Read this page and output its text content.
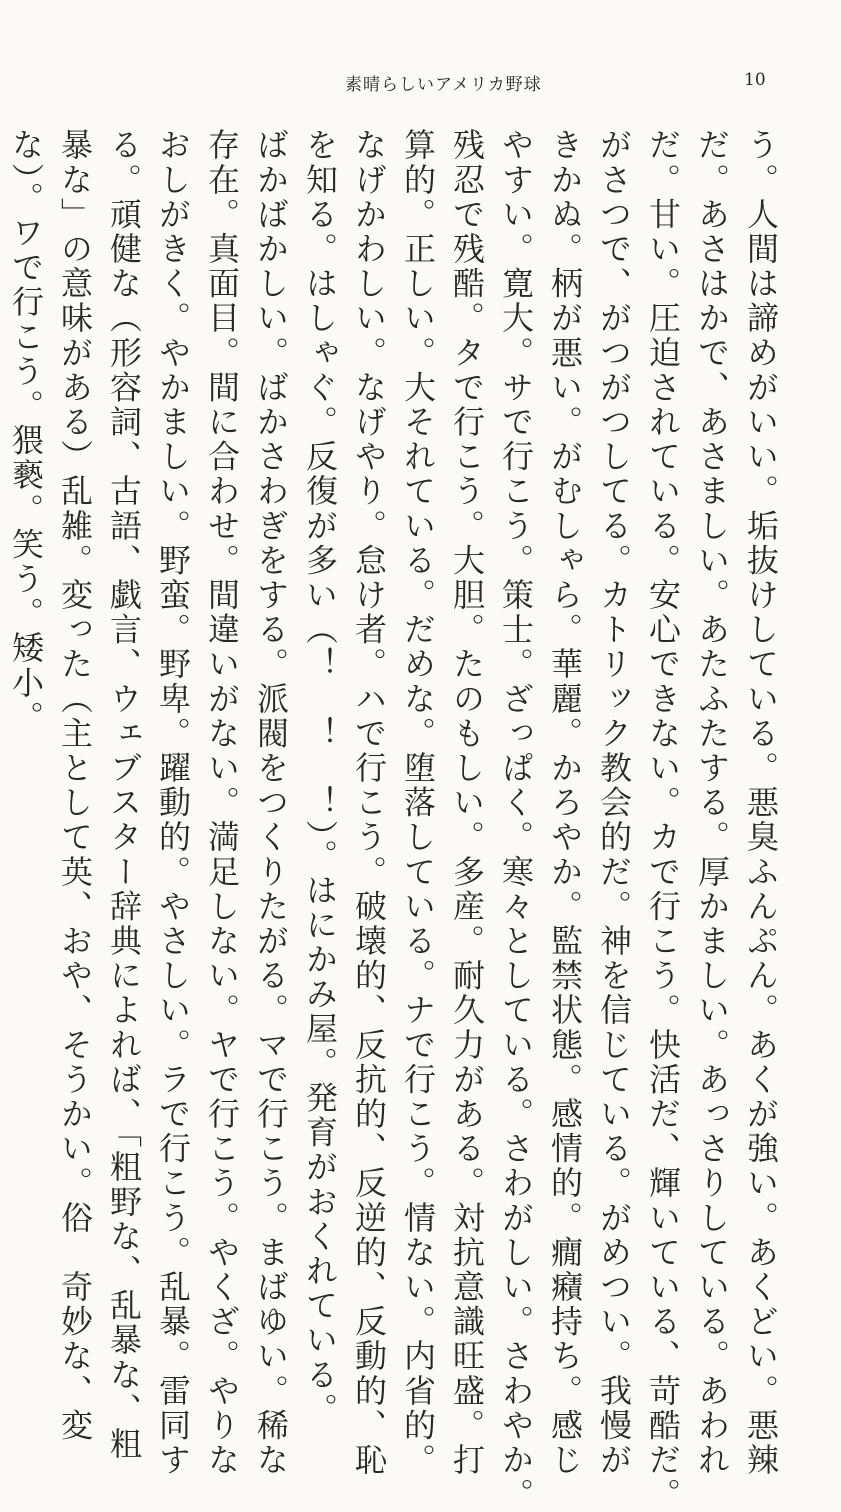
素晴らしいアメリカ野球	10
う。人間は諦めがいい。垢抜けしている。悪臭ふんぷん。あくが強い。あくどい。悪辣
だ。あさはかで、あさましい。あたふたする。厚かましい。あっさりしている。あわれ
だ。甘い。圧迫されている。安心できない。カで行こう。快活だ、輝いている、苛酷だ。
がさつで、がつがつしてる。カトリック教会的だ。神を信じている。がめつい。我慢が
きかぬ。柄が悪い。がむしゃら。華麗。かろやか。監禁状態。感情的。癇癪持ち。感じ
やすい。寛大。サで行こう。策士。ざっぱく。寒々としている。さわがしい。さわやか。
残忍で残酷。タで行こう。大胆。たのもしい。多産。耐久力がある。対抗意識旺盛。打
算的。正しい。大それている。だめな。堕落している。ナで行こう。情ない。内省的。
なげかわしい。なげやり。怠け者。ハで行こう。破壊的、反抗的、反逆的、反動的、恥
を知る。はしゃぐ。反復が多い（！　！　！）。はにかみ屋。発育がおくれている。
ばかばかしい。ばかさわぎをする。派閥をつくりたがる。マで行こう。まばゆい。稀な
存在。真面目。間に合わせ。間違いがない。満足しない。ヤで行こう。やくざ。やりな
おしがきく。やかましい。野蛮。野卑。躍動的。やさしい。ラで行こう。乱暴。雷同す
る。頑健な（形容詞、古語、戯言、ウェブスター辞典によれば、「粗野な、乱暴な、粗
暴な」の意味がある）乱雑。変った（主として英、おや、そうかい。俗　奇妙な、変
な）。ワで行こう。猥褻。笑う。矮小。
